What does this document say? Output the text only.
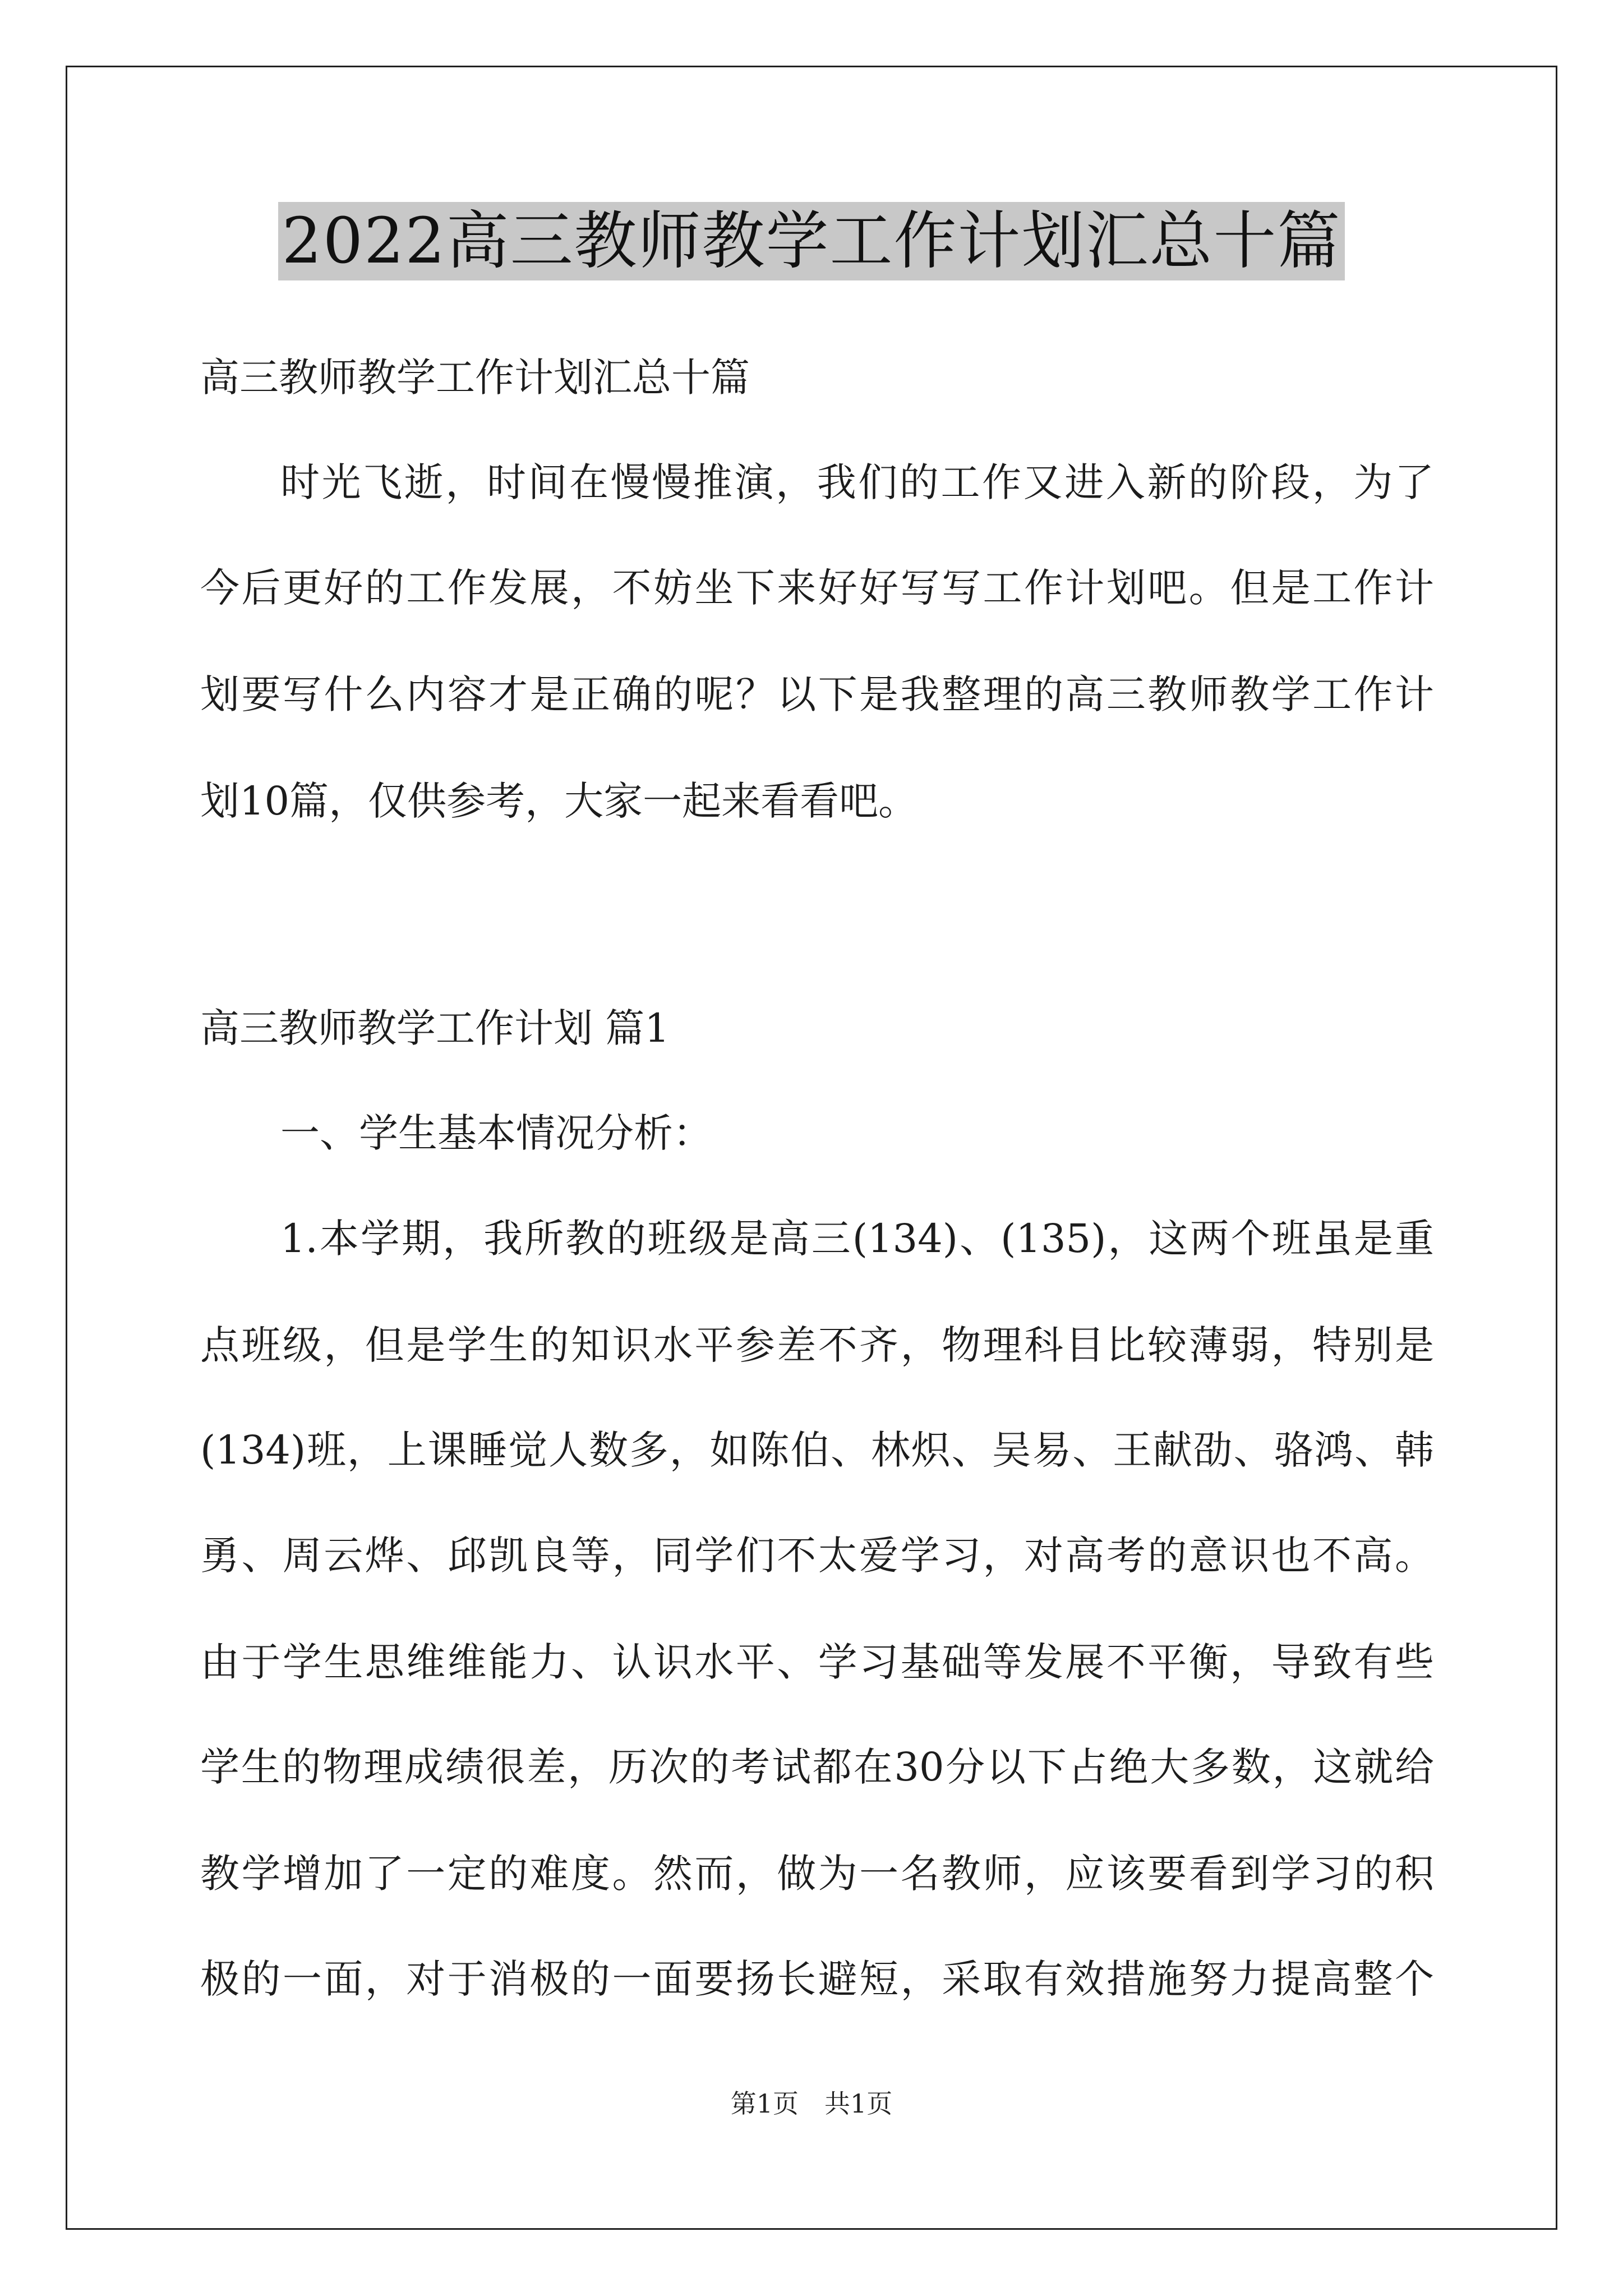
2022高三教师教学工作计划汇总十篇
高三教师教学工作计划汇总十篇
时光飞逝，时间在慢慢推演，我们的工作又进入新的阶段，为了
今后更好的工作发展，不妨坐下来好好写写工作计划吧。但是工作计
划要写什么内容才是正确的呢？以下是我整理的高三教师教学工作计
划10篇，仅供参考，大家一起来看看吧。
高三教师教学工作计划 篇1
一、学生基本情况分析：
1.本学期，我所教的班级是高三(134)、(135)，这两个班虽是重
点班级，但是学生的知识水平参差不齐，物理科目比较薄弱，特别是
(134)班，上课睡觉人数多，如陈伯、林炽、吴易、王献劭、骆鸿、韩
勇、周云烨、邱凯良等，同学们不太爱学习，对高考的意识也不高。
由于学生思维维能力、认识水平、学习基础等发展不平衡，导致有些
学生的物理成绩很差，历次的考试都在30分以下占绝大多数，这就给
教学增加了一定的难度。然而，做为一名教师，应该要看到学习的积
极的一面，对于消极的一面要扬长避短，采取有效措施努力提高整个
第1页　共1页
